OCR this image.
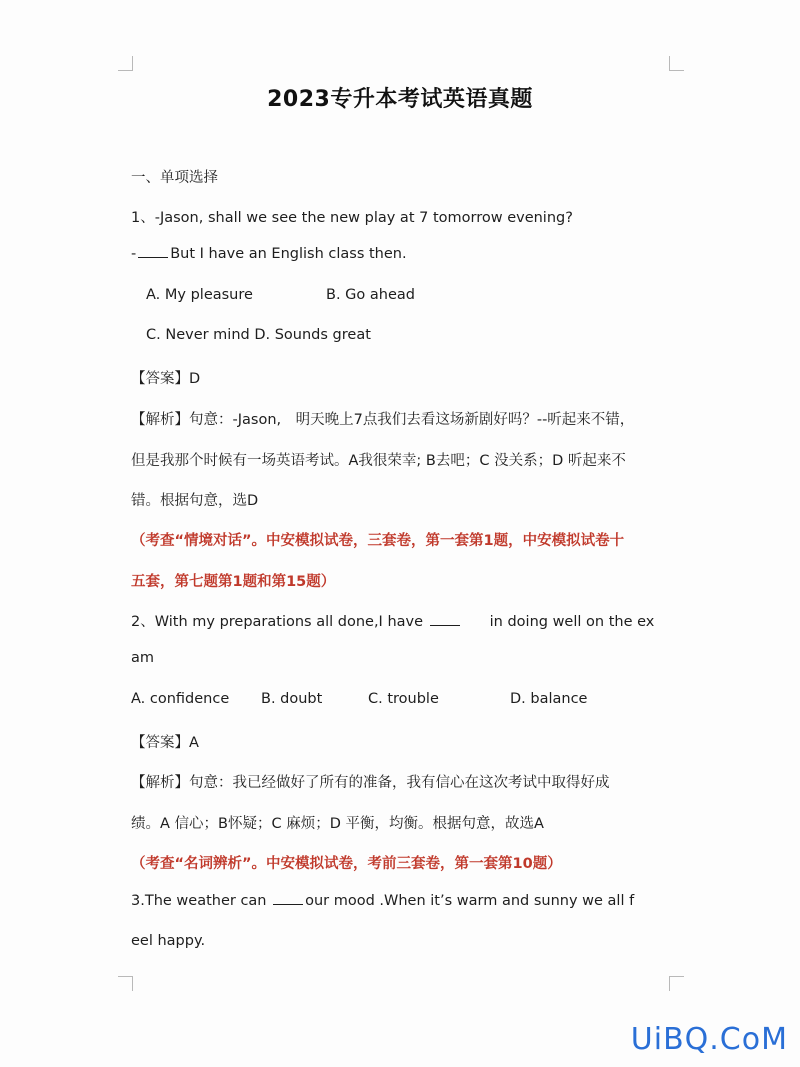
2023专升本考试英语真题
一、单项选择
1、-Jason, shall we see the new play at 7 tomorrow evening?
- But I have an English class then.
A. My pleasure	B. Go ahead
C. Never mind D. Sounds great
【答案】D
【解析】句意：-Jason,　明天晚上7点我们去看这场新剧好吗？--听起来不错，
但是我那个时候有一场英语考试。A我很荣幸; B去吧；C 没关系；D 听起来不
错。根据句意，选D
（考查“情境对话”。中安模拟试卷，三套卷，第一套第1题，中安模拟试卷十
五套，第七题第1题和第15题）
2、With my preparations all done,I have	in doing well on the ex
am
A. confidence B. doubt	C. trouble	D. balance
【答案】A
【解析】句意：我已经做好了所有的准备，我有信心在这次考试中取得好成
绩。A 信心；B怀疑；C 麻烦；D 平衡，均衡。根据句意，故选A
（考查“名词辨析”。中安模拟试卷，考前三套卷，第一套第10题）
3.The weather can	our mood .When it’s warm and sunny we all f
eel happy.
UiBQ.CoM
